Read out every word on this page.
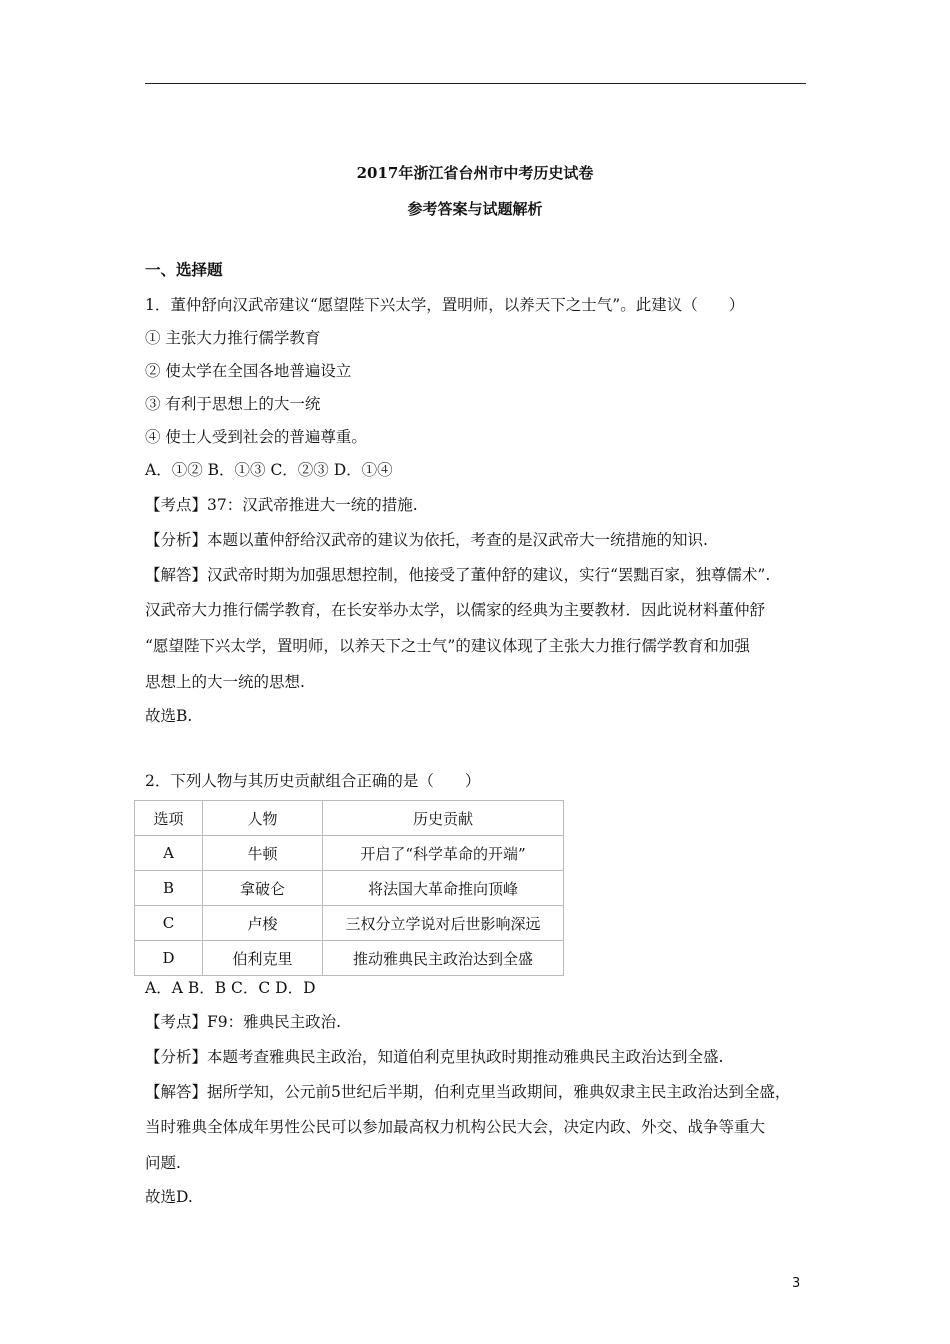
2017年浙江省台州市中考历史试卷
参考答案与试题解析
一、选择题
1．董仲舒向汉武帝建议“愿望陛下兴太学，置明师，以养天下之士气”。此建议（　　）
① 主张大力推行儒学教育
② 使太学在全国各地普遍设立
③ 有利于思想上的大一统
④ 使士人受到社会的普遍尊重。
A．①② B．①③ C．②③ D．①④
【考点】37：汉武帝推进大一统的措施.
【分析】本题以董仲舒给汉武帝的建议为依托，考查的是汉武帝大一统措施的知识.
【解答】汉武帝时期为加强思想控制，他接受了董仲舒的建议，实行“罢黜百家，独尊儒术”.
汉武帝大力推行儒学教育，在长安举办太学，以儒家的经典为主要教材．因此说材料董仲舒
“愿望陛下兴太学，置明师，以养天下之士气”的建议体现了主张大力推行儒学教育和加强
思想上的大一统的思想.
故选B.
2．下列人物与其历史贡献组合正确的是（　　）
选项	人物	历史贡献
A	牛顿	开启了“科学革命的开端”
B	拿破仑	将法国大革命推向顶峰
C	卢梭	三权分立学说对后世影响深远
D	伯利克里	推动雅典民主政治达到全盛
A．A B．B C．C D．D
【考点】F9：雅典民主政治.
【分析】本题考查雅典民主政治，知道伯利克里执政时期推动雅典民主政治达到全盛.
【解答】据所学知，公元前5世纪后半期，伯利克里当政期间，雅典奴隶主民主政治达到全盛，
当时雅典全体成年男性公民可以参加最高权力机构公民大会，决定内政、外交、战争等重大
问题.
故选D.
3
